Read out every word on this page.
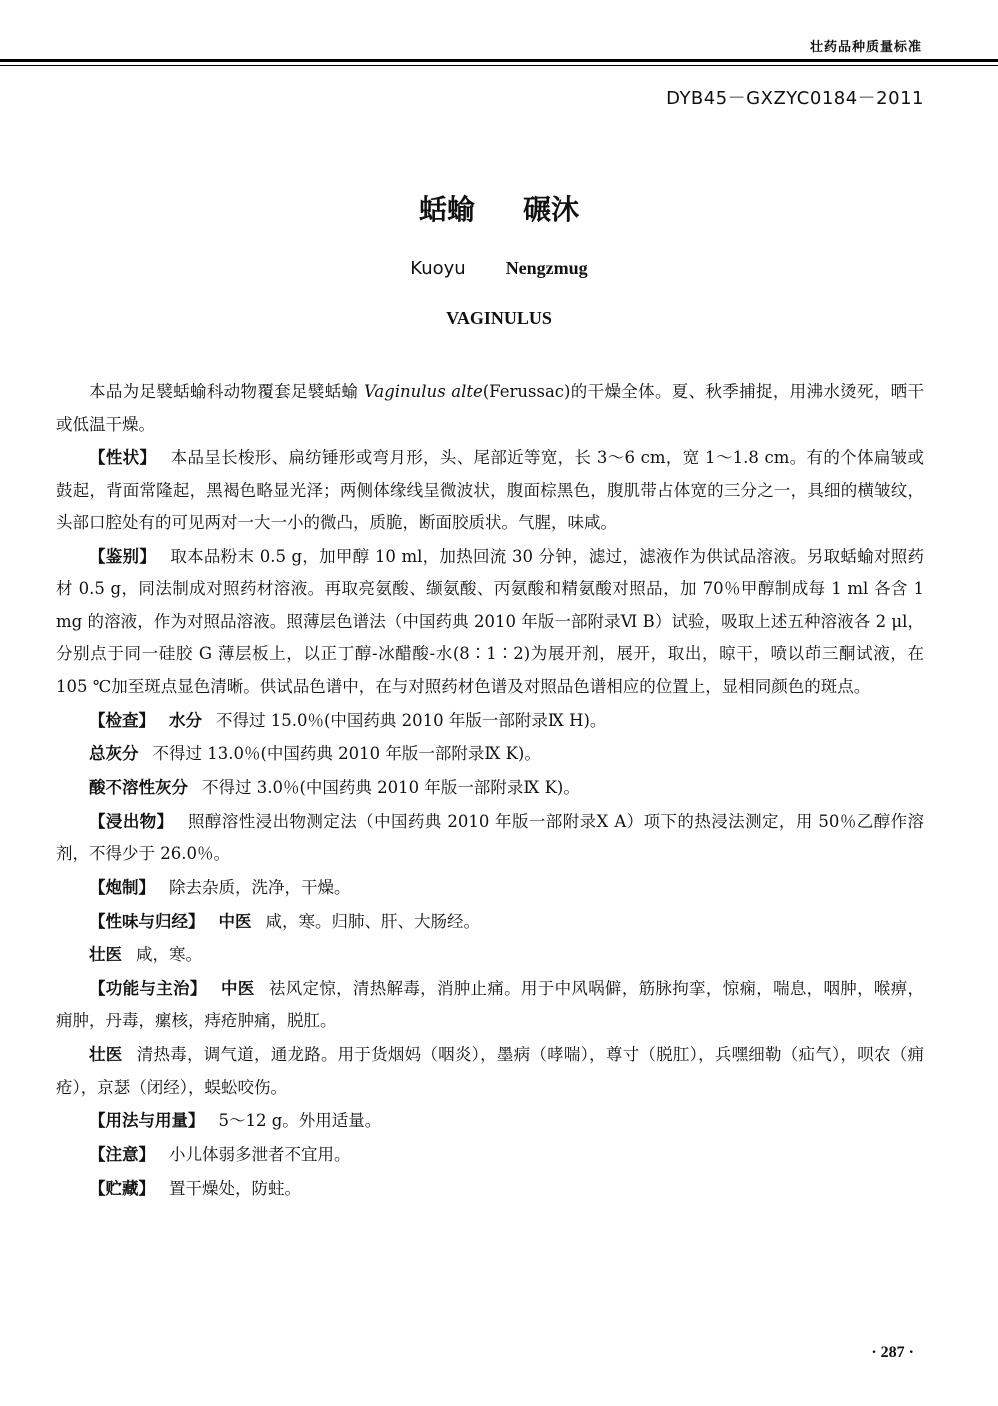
壮药品种质量标准
DYB45－GXZYC0184－2011
蛞蝓 碾沐
Kuoyu Nengzmug
VAGINULUS

本品为足襞蛞蝓科动物覆套足襞蛞蝓 Vaginulus alte(Ferussac)的干燥全体。夏、秋季捕捉，用沸水烫死，晒干或低温干燥。

【性状】 本品呈长梭形、扁纺锤形或弯月形，头、尾部近等宽，长 3～6 cm，宽 1～1.8 cm。有的个体扁皱或鼓起，背面常隆起，黑褐色略显光泽；两侧体缘线呈微波状，腹面棕黑色，腹肌带占体宽的三分之一，具细的横皱纹，头部口腔处有的可见两对一大一小的微凸，质脆，断面胶质状。气腥，味咸。

【鉴别】 取本品粉末 0.5 g，加甲醇 10 ml，加热回流 30 分钟，滤过，滤液作为供试品溶液。另取蛞蝓对照药材 0.5 g，同法制成对照药材溶液。再取亮氨酸、缬氨酸、丙氨酸和精氨酸对照品，加 70％甲醇制成每 1 ml 各含 1 mg 的溶液，作为对照品溶液。照薄层色谱法（中国药典 2010 年版一部附录Ⅵ B）试验，吸取上述五种溶液各 2 μl，分别点于同一硅胶 G 薄层板上，以正丁醇-冰醋酸-水(8∶1∶2)为展开剂，展开，取出，晾干，喷以茚三酮试液，在 105 ℃加至斑点显色清晰。供试品色谱中，在与对照药材色谱及对照品色谱相应的位置上，显相同颜色的斑点。

【检查】 水分 不得过 15.0％(中国药典 2010 年版一部附录Ⅸ H)。

总灰分 不得过 13.0％(中国药典 2010 年版一部附录Ⅸ K)。

酸不溶性灰分 不得过 3.0％(中国药典 2010 年版一部附录Ⅸ K)。

【浸出物】 照醇溶性浸出物测定法（中国药典 2010 年版一部附录Ⅹ A）项下的热浸法测定，用 50％乙醇作溶剂，不得少于 26.0％。

【炮制】 除去杂质，洗净，干燥。

【性味与归经】 中医 咸，寒。归肺、肝、大肠经。

壮医 咸，寒。

【功能与主治】 中医 祛风定惊，清热解毒，消肿止痛。用于中风㖞僻，筋脉拘挛，惊痫，喘息，咽肿，喉痹，痈肿，丹毒，瘰核，痔疮肿痛，脱肛。

壮医 清热毒，调气道，通龙路。用于货烟妈（咽炎），墨病（哮喘），尊寸（脱肛），兵嘿细勒（疝气），呗农（痈疮），京瑟（闭经），蜈蚣咬伤。

【用法与用量】 5～12 g。外用适量。

【注意】 小儿体弱多泄者不宜用。

【贮藏】 置干燥处，防蛀。

· 287 ·
